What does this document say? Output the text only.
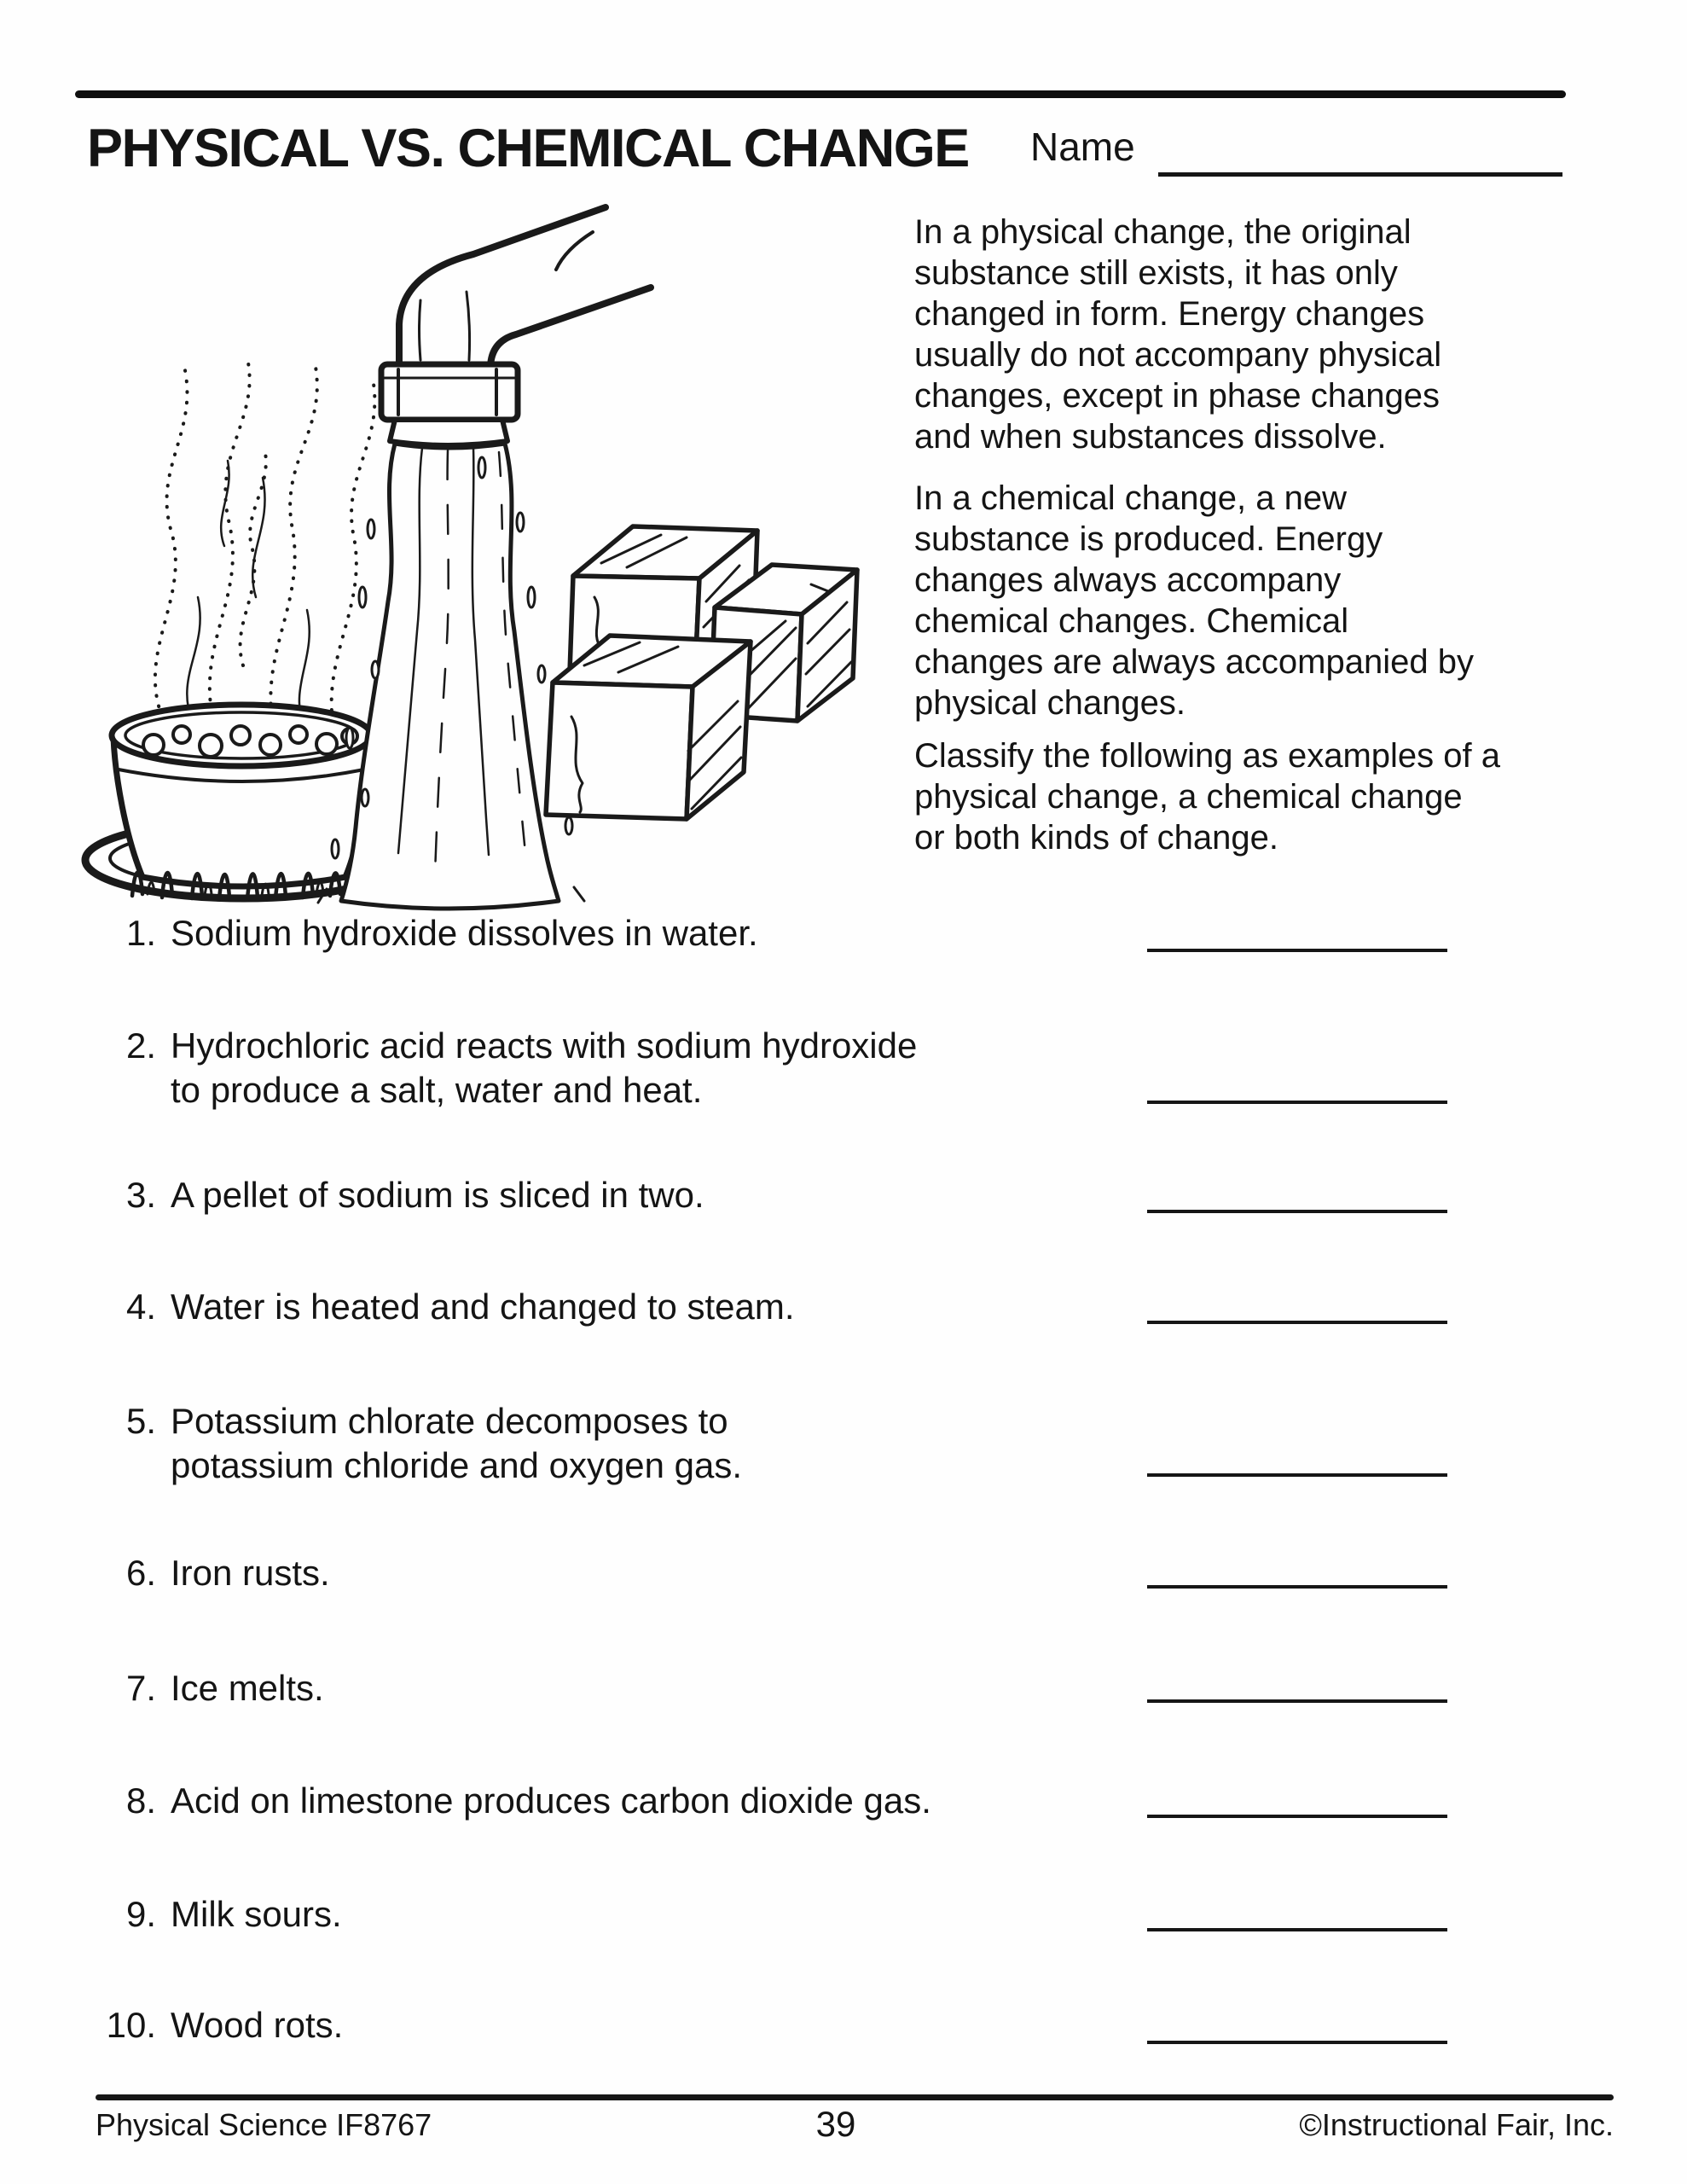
PHYSICAL VS. CHEMICAL CHANGE Name
In a physical change, the original
substance still exists, it has only
changed in form. Energy changes
usually do not accompany physical
changes, except in phase changes
and when substances dissolve.
In a chemical change, a new
substance is produced. Energy
changes always accompany
chemical changes. Chemical
changes are always accompanied by
physical changes.
Classify the following as examples of a
physical change, a chemical change
or both kinds of change.
1. Sodium hydroxide dissolves in water.
2. Hydrochloric acid reacts with sodium hydroxide
to produce a salt, water and heat.
3. A pellet of sodium is sliced in two.
4. Water is heated and changed to steam.
5. Potassium chlorate decomposes to
potassium chloride and oxygen gas.
6. Iron rusts.
7. Ice melts.
8. Acid on limestone produces carbon dioxide gas.
9. Milk sours.
10. Wood rots.
Physical Science IF8767	39	©Instructional Fair, Inc.
